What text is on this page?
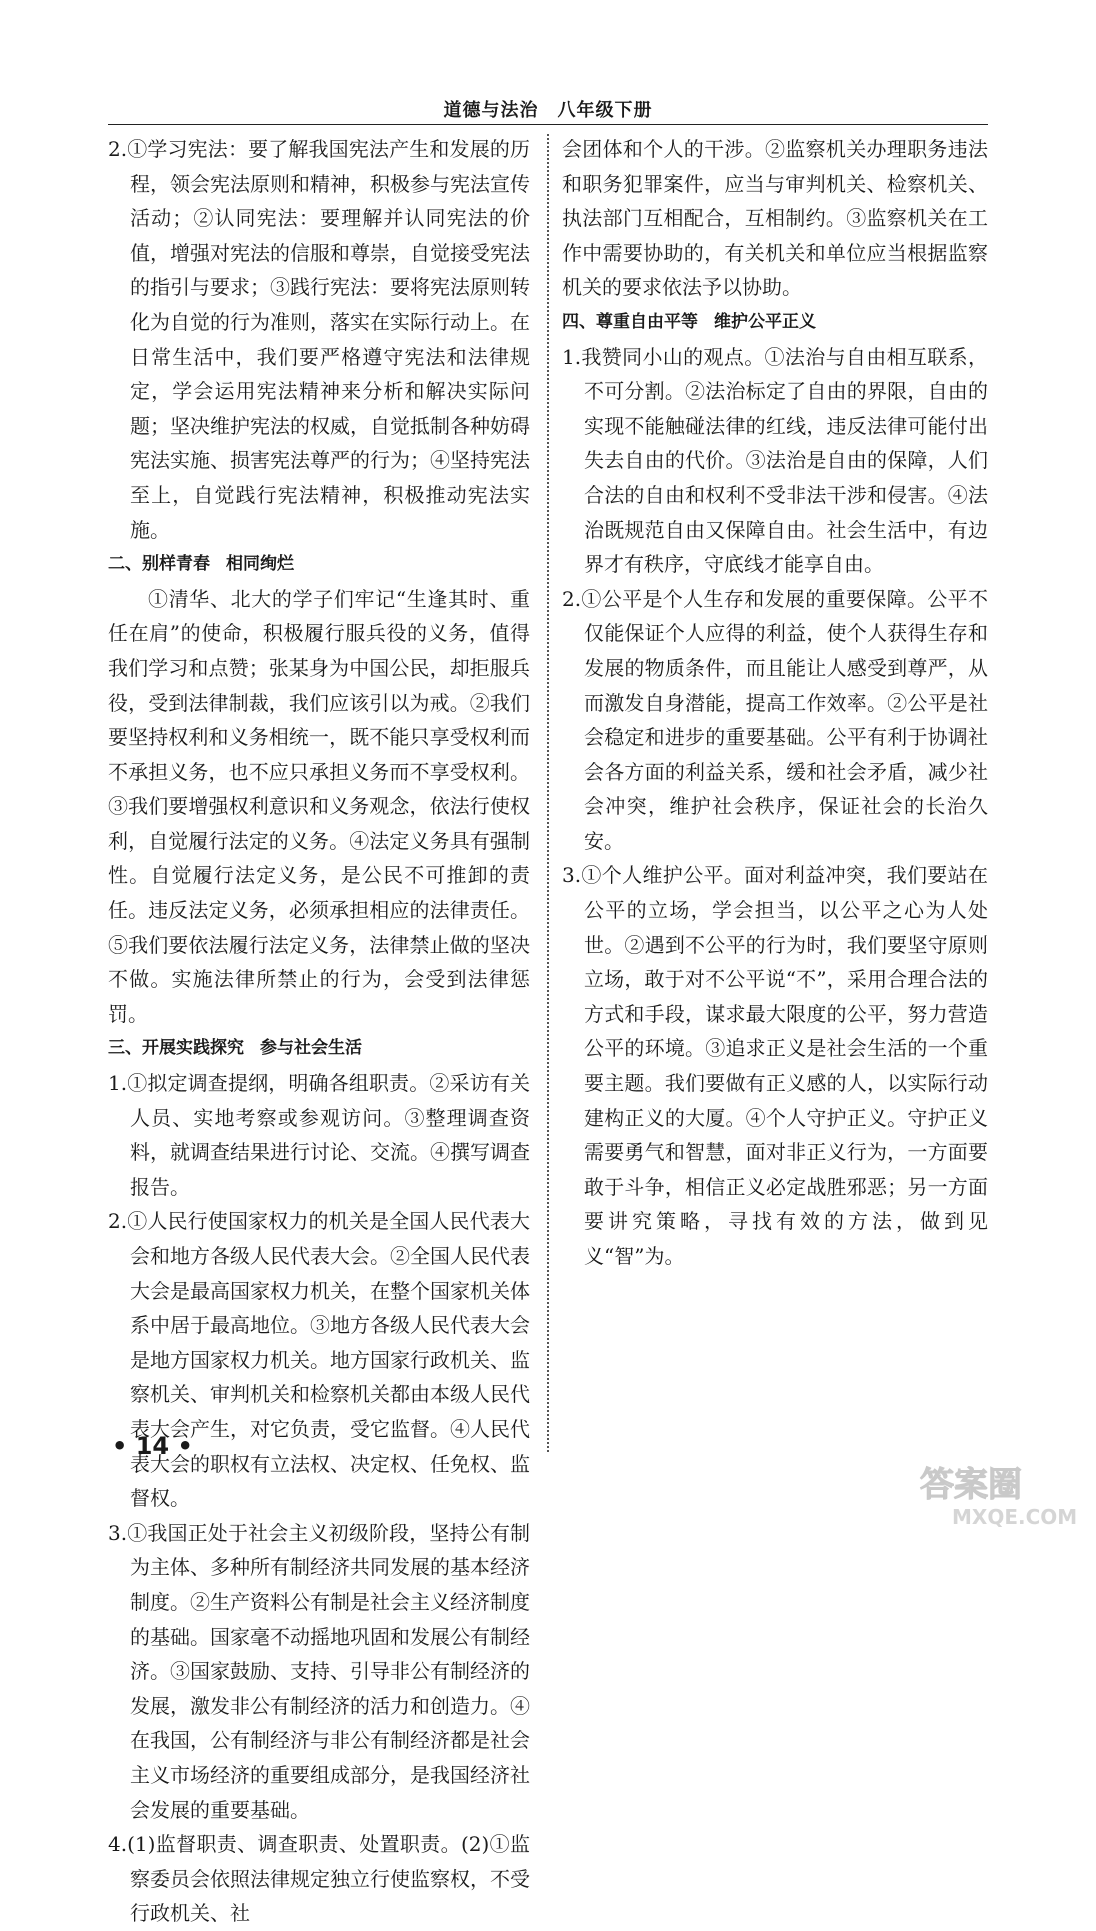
道德与法治　八年级下册

2.①学习宪法：要了解我国宪法产生和发展的历程，领会宪法原则和精神，积极参与宪法宣传活动；②认同宪法：要理解并认同宪法的价值，增强对宪法的信服和尊崇，自觉接受宪法的指引与要求；③践行宪法：要将宪法原则转化为自觉的行为准则，落实在实际行动上。在日常生活中，我们要严格遵守宪法和法律规定，学会运用宪法精神来分析和解决实际问题；坚决维护宪法的权威，自觉抵制各种妨碍宪法实施、损害宪法尊严的行为；④坚持宪法至上，自觉践行宪法精神，积极推动宪法实施。

二、别样青春 相同绚烂

①清华、北大的学子们牢记“生逢其时、重任在肩”的使命，积极履行服兵役的义务，值得我们学习和点赞；张某身为中国公民，却拒服兵役，受到法律制裁，我们应该引以为戒。②我们要坚持权利和义务相统一，既不能只享受权利而不承担义务，也不应只承担义务而不享受权利。③我们要增强权利意识和义务观念，依法行使权利，自觉履行法定的义务。④法定义务具有强制性。自觉履行法定义务，是公民不可推卸的责任。违反法定义务，必须承担相应的法律责任。⑤我们要依法履行法定义务，法律禁止做的坚决不做。实施法律所禁止的行为，会受到法律惩罚。

三、开展实践探究 参与社会生活

1.①拟定调查提纲，明确各组职责。②采访有关人员、实地考察或参观访问。③整理调查资料，就调查结果进行讨论、交流。④撰写调查报告。

2.①人民行使国家权力的机关是全国人民代表大会和地方各级人民代表大会。②全国人民代表大会是最高国家权力机关，在整个国家机关体系中居于最高地位。③地方各级人民代表大会是地方国家权力机关。地方国家行政机关、监察机关、审判机关和检察机关都由本级人民代表大会产生，对它负责，受它监督。④人民代表大会的职权有立法权、决定权、任免权、监督权。

3.①我国正处于社会主义初级阶段，坚持公有制为主体、多种所有制经济共同发展的基本经济制度。②生产资料公有制是社会主义经济制度的基础。国家毫不动摇地巩固和发展公有制经济。③国家鼓励、支持、引导非公有制经济的发展，激发非公有制经济的活力和创造力。④在我国，公有制经济与非公有制经济都是社会主义市场经济的重要组成部分，是我国经济社会发展的重要基础。

4.(1)监督职责、调查职责、处置职责。(2)①监察委员会依照法律规定独立行使监察权，不受行政机关、社

会团体和个人的干涉。②监察机关办理职务违法和职务犯罪案件，应当与审判机关、检察机关、执法部门互相配合，互相制约。③监察机关在工作中需要协助的，有关机关和单位应当根据监察机关的要求依法予以协助。

四、尊重自由平等 维护公平正义

1.我赞同小山的观点。①法治与自由相互联系，不可分割。②法治标定了自由的界限，自由的实现不能触碰法律的红线，违反法律可能付出失去自由的代价。③法治是自由的保障，人们合法的自由和权利不受非法干涉和侵害。④法治既规范自由又保障自由。社会生活中，有边界才有秩序，守底线才能享自由。

2.①公平是个人生存和发展的重要保障。公平不仅能保证个人应得的利益，使个人获得生存和发展的物质条件，而且能让人感受到尊严，从而激发自身潜能，提高工作效率。②公平是社会稳定和进步的重要基础。公平有利于协调社会各方面的利益关系，缓和社会矛盾，减少社会冲突，维护社会秩序，保证社会的长治久安。

3.①个人维护公平。面对利益冲突，我们要站在公平的立场，学会担当，以公平之心为人处世。②遇到不公平的行为时，我们要坚守原则立场，敢于对不公平说“不”，采用合理合法的方式和手段，谋求最大限度的公平，努力营造公平的环境。③追求正义是社会生活的一个重要主题。我们要做有正义感的人，以实际行动建构正义的大厦。④个人守护正义。守护正义需要勇气和智慧，面对非正义行为，一方面要敢于斗争，相信正义必定战胜邪恶；另一方面要讲究策略，寻找有效的方法，做到见义“智”为。

• 14 •
答案圈
MXQE.COM
